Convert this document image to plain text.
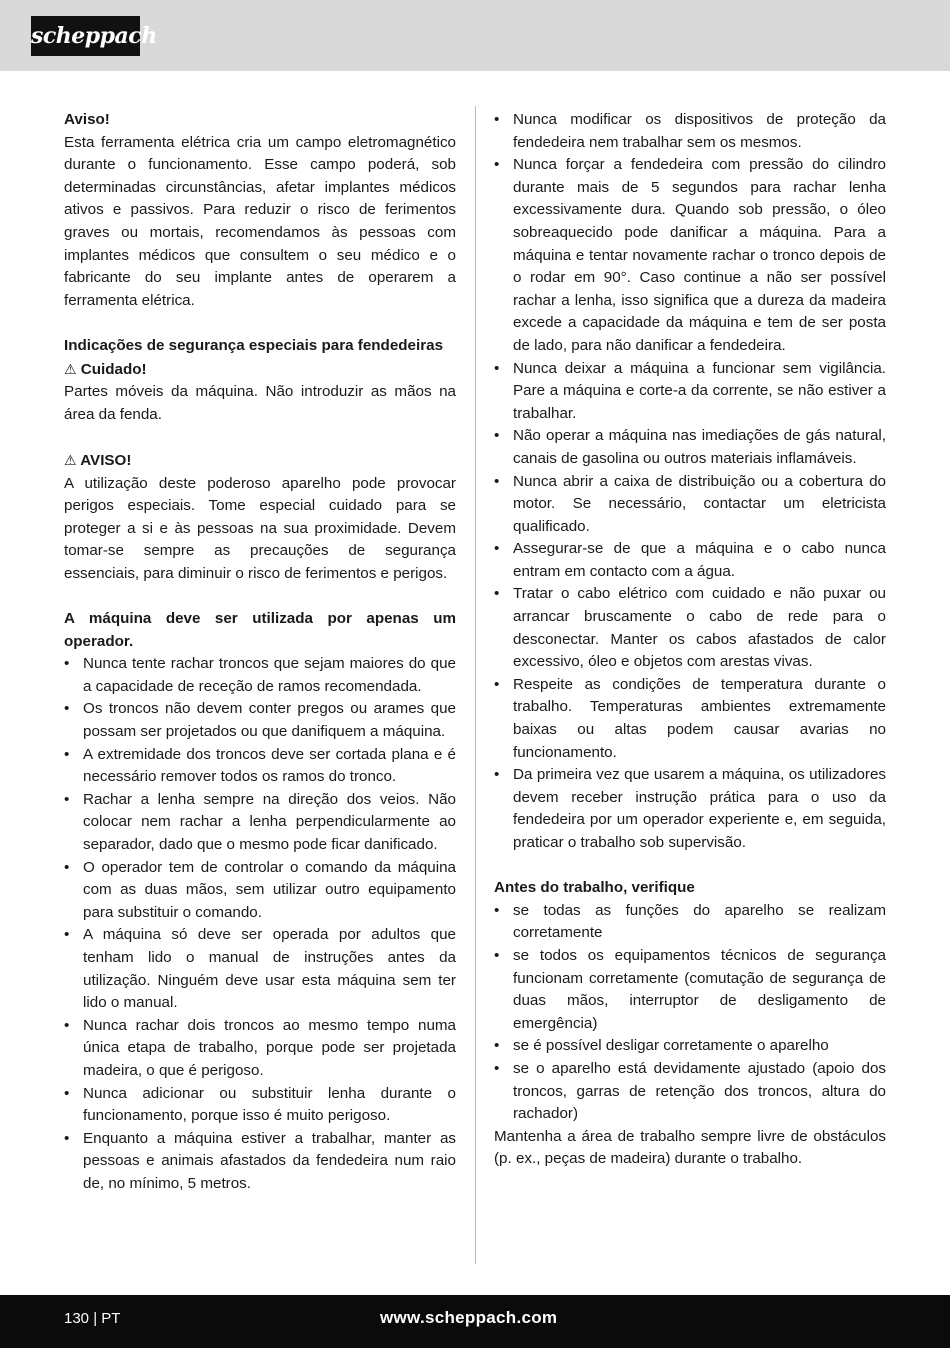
scheppach

Aviso!

Esta ferramenta elétrica cria um campo eletromagnético durante o funcionamento. Esse campo poderá, sob determinadas circunstâncias, afetar implantes médicos ativos e passivos. Para reduzir o risco de ferimentos graves ou mortais, recomendamos às pessoas com implantes médicos que consultem o seu médico e o fabricante do seu implante antes de operarem a ferramenta elétrica.

Indicações de segurança especiais para fendedeiras

⚠ Cuidado!

Partes móveis da máquina. Não introduzir as mãos na área da fenda.

⚠ AVISO!

A utilização deste poderoso aparelho pode provocar perigos especiais. Tome especial cuidado para se proteger a si e às pessoas na sua proximidade. Devem tomar-se sempre as precauções de segurança essenciais, para diminuir o risco de ferimentos e perigos.

A máquina deve ser utilizada por apenas um operador.

• Nunca tente rachar troncos que sejam maiores do que a capacidade de receção de ramos recomendada.
• Os troncos não devem conter pregos ou arames que possam ser projetados ou que danifiquem a máquina.
• A extremidade dos troncos deve ser cortada plana e é necessário remover todos os ramos do tronco.
• Rachar a lenha sempre na direção dos veios. Não colocar nem rachar a lenha perpendicularmente ao separador, dado que o mesmo pode ficar danificado.
• O operador tem de controlar o comando da máquina com as duas mãos, sem utilizar outro equipamento para substituir o comando.
• A máquina só deve ser operada por adultos que tenham lido o manual de instruções antes da utilização. Ninguém deve usar esta máquina sem ter lido o manual.
• Nunca rachar dois troncos ao mesmo tempo numa única etapa de trabalho, porque pode ser projetada madeira, o que é perigoso.
• Nunca adicionar ou substituir lenha durante o funcionamento, porque isso é muito perigoso.
• Enquanto a máquina estiver a trabalhar, manter as pessoas e animais afastados da fendedeira num raio de, no mínimo, 5 metros.
• Nunca modificar os dispositivos de proteção da fendedeira nem trabalhar sem os mesmos.
• Nunca forçar a fendedeira com pressão do cilindro durante mais de 5 segundos para rachar lenha excessivamente dura. Quando sob pressão, o óleo sobreaquecido pode danificar a máquina. Para a máquina e tentar novamente rachar o tronco depois de o rodar em 90°. Caso continue a não ser possível rachar a lenha, isso significa que a dureza da madeira excede a capacidade da máquina e tem de ser posta de lado, para não danificar a fendedeira.
• Nunca deixar a máquina a funcionar sem vigilância. Pare a máquina e corte-a da corrente, se não estiver a trabalhar.
• Não operar a máquina nas imediações de gás natural, canais de gasolina ou outros materiais inflamáveis.
• Nunca abrir a caixa de distribuição ou a cobertura do motor. Se necessário, contactar um eletricista qualificado.
• Assegurar-se de que a máquina e o cabo nunca entram em contacto com a água.
• Tratar o cabo elétrico com cuidado e não puxar ou arrancar bruscamente o cabo de rede para o desconectar. Manter os cabos afastados de calor excessivo, óleo e objetos com arestas vivas.
• Respeite as condições de temperatura durante o trabalho. Temperaturas ambientes extremamente baixas ou altas podem causar avarias no funcionamento.
• Da primeira vez que usarem a máquina, os utilizadores devem receber instrução prática para o uso da fendedeira por um operador experiente e, em seguida, praticar o trabalho sob supervisão.

Antes do trabalho, verifique

• se todas as funções do aparelho se realizam corretamente
• se todos os equipamentos técnicos de segurança funcionam corretamente (comutação de segurança de duas mãos, interruptor de desligamento de emergência)
• se é possível desligar corretamente o aparelho
• se o aparelho está devidamente ajustado (apoio dos troncos, garras de retenção dos troncos, altura do rachador)

Mantenha a área de trabalho sempre livre de obstáculos (p. ex., peças de madeira) durante o trabalho.

130 | PT	www.scheppach.com
